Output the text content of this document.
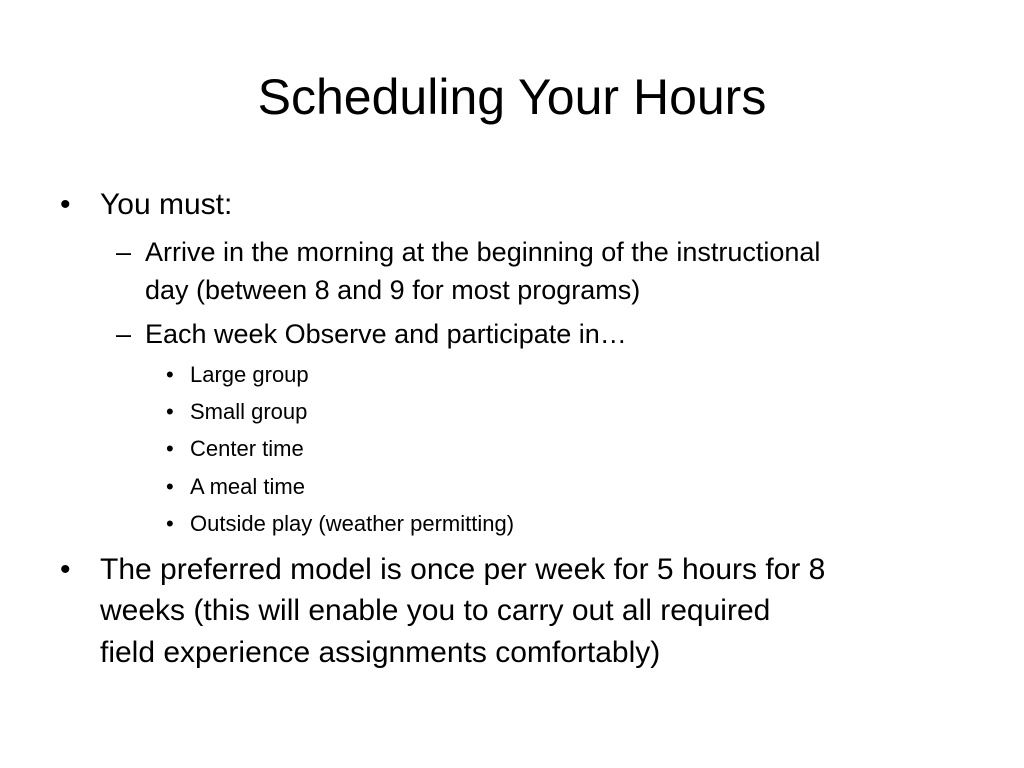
Scheduling Your Hours
• You must:
– Arrive in the morning at the beginning of the instructional
day (between 8 and 9 for most programs)
– Each week Observe and participate in…
• Large group
• Small group
• Center time
• A meal time
• Outside play (weather permitting)
• The preferred model is once per week for 5 hours for 8
weeks (this will enable you to carry out all required
field experience assignments comfortably)
